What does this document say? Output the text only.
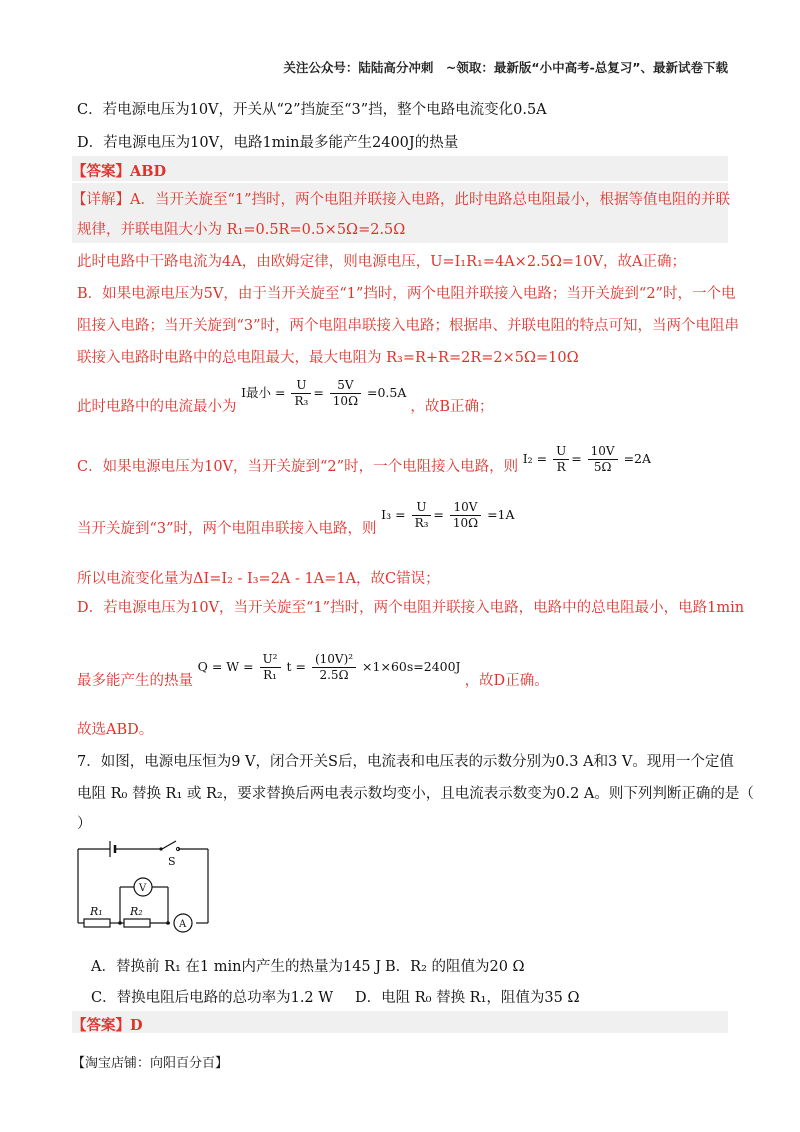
关注公众号：陆陆高分冲刺　~领取：最新版“小中高考-总复习”、最新试卷下载
C．若电源电压为10V，开关从“2”挡旋至“3”挡，整个电路电流变化0.5A
D．若电源电压为10V，电路1min最多能产生2400J的热量
【答案】ABD
【详解】A．当开关旋至“1”挡时，两个电阻并联接入电路，此时电路总电阻最小，根据等值电阻的并联
规律，并联电阻大小为 R₁=0.5R=0.5×5Ω=2.5Ω
此时电路中干路电流为4A，由欧姆定律，则电源电压，U=I₁R₁=4A×2.5Ω=10V，故A正确；
B．如果电源电压为5V，由于当开关旋至“1”挡时，两个电阻并联接入电路；当开关旋到“2”时，一个电
阻接入电路；当开关旋到“3”时，两个电阻串联接入电路；根据串、并联电阻的特点可知，当两个电阻串
联接入电路时电路中的总电阻最大，最大电阻为 R₃=R+R=2R=2×5Ω=10Ω
此时电路中的电流最小为 I最小 = $\frac{U}{\text{R₃}} = \frac{5V}{10\Omega} =0.5A$ ，故B正确；
C．如果电源电压为10V，当开关旋到“2”时，一个电阻接入电路，则 $I_2 = \frac{U}{R} = \frac{10V}{5\Omega} =2A$
当开关旋到“3”时，两个电阻串联接入电路，则 $I_3 = \frac{U}{\text{R₃}} = \frac{10V}{10\Omega} =1A$
所以电流变化量为ΔI=I₂ - I₃=2A - 1A=1A，故C错误；
D．若电源电压为10V，当开关旋至“1”挡时，两个电阻并联接入电路，电路中的总电阻最小，电路1min
最多能产生的热量 $Q = W = \frac{\text{U²}}{\text{R₁}}$ $t = \frac{\text{(10V)²}}{2.5\Omega} \times 1\times 60s=2400J$ ，故D正确。
故选ABD。
7．如图，电源电压恒为9 V，闭合开关S后，电流表和电压表的示数分别为0.3 A和3 V。现用一个定值
电阻 R₀ 替换 R₁ 或 R₂，要求替换后两电表示数均变小，且电流表示数变为0.2 A。则下列判断正确的是（
）
S
V
A
R₁ R₂
A．替换前 R₁ 在1 min内产生的热量为145 J B．R₂ 的阻值为20 Ω
C．替换电阻后电路的总功率为1.2 W D．电阻 R₀ 替换 R₁，阻值为35 Ω
【答案】D
【淘宝店铺：向阳百分百】
